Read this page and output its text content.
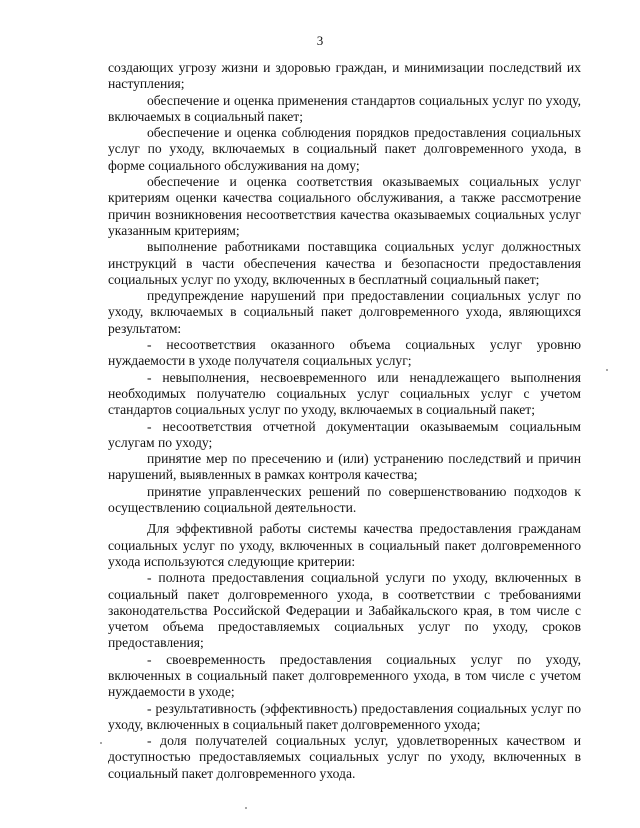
3

создающих угрозу жизни и здоровью граждан, и минимизации последствий их наступления;

обеспечение и оценка применения стандартов социальных услуг по уходу, включаемых в социальный пакет;

обеспечение и оценка соблюдения порядков предоставления социальных услуг по уходу, включаемых в социальный пакет долговременного ухода, в форме социального обслуживания на дому;

обеспечение и оценка соответствия оказываемых социальных услуг критериям оценки качества социального обслуживания, а также рассмотрение причин возникновения несоответствия качества оказываемых социальных услуг указанным критериям;

выполнение работниками поставщика социальных услуг должностных инструкций в части обеспечения качества и безопасности предоставления социальных услуг по уходу, включенных в бесплатный социальный пакет;

предупреждение нарушений при предоставлении социальных услуг по уходу, включаемых в социальный пакет долговременного ухода, являющихся результатом:

- несоответствия оказанного объема социальных услуг уровню нуждаемости в уходе получателя социальных услуг;

- невыполнения, несвоевременного или ненадлежащего выполнения необходимых получателю социальных услуг социальных услуг с учетом стандартов социальных услуг по уходу, включаемых в социальный пакет;

- несоответствия отчетной документации оказываемым социальным услугам по уходу;

принятие мер по пресечению и (или) устранению последствий и причин нарушений, выявленных в рамках контроля качества;

принятие управленческих решений по совершенствованию подходов к осуществлению социальной деятельности.

Для эффективной работы системы качества предоставления гражданам социальных услуг по уходу, включенных в социальный пакет долговременного ухода используются следующие критерии:

- полнота предоставления социальной услуги по уходу, включенных в социальный пакет долговременного ухода, в соответствии с требованиями законодательства Российской Федерации и Забайкальского края, в том числе с учетом объема предоставляемых социальных услуг по уходу, сроков предоставления;

- своевременность предоставления социальных услуг по уходу, включенных в социальный пакет долговременного ухода, в том числе с учетом нуждаемости в уходе;

- результативность (эффективность) предоставления социальных услуг по уходу, включенных в социальный пакет долговременного ухода;

- доля получателей социальных услуг, удовлетворенных качеством и доступностью предоставляемых социальных услуг по уходу, включенных в социальный пакет долговременного ухода.
